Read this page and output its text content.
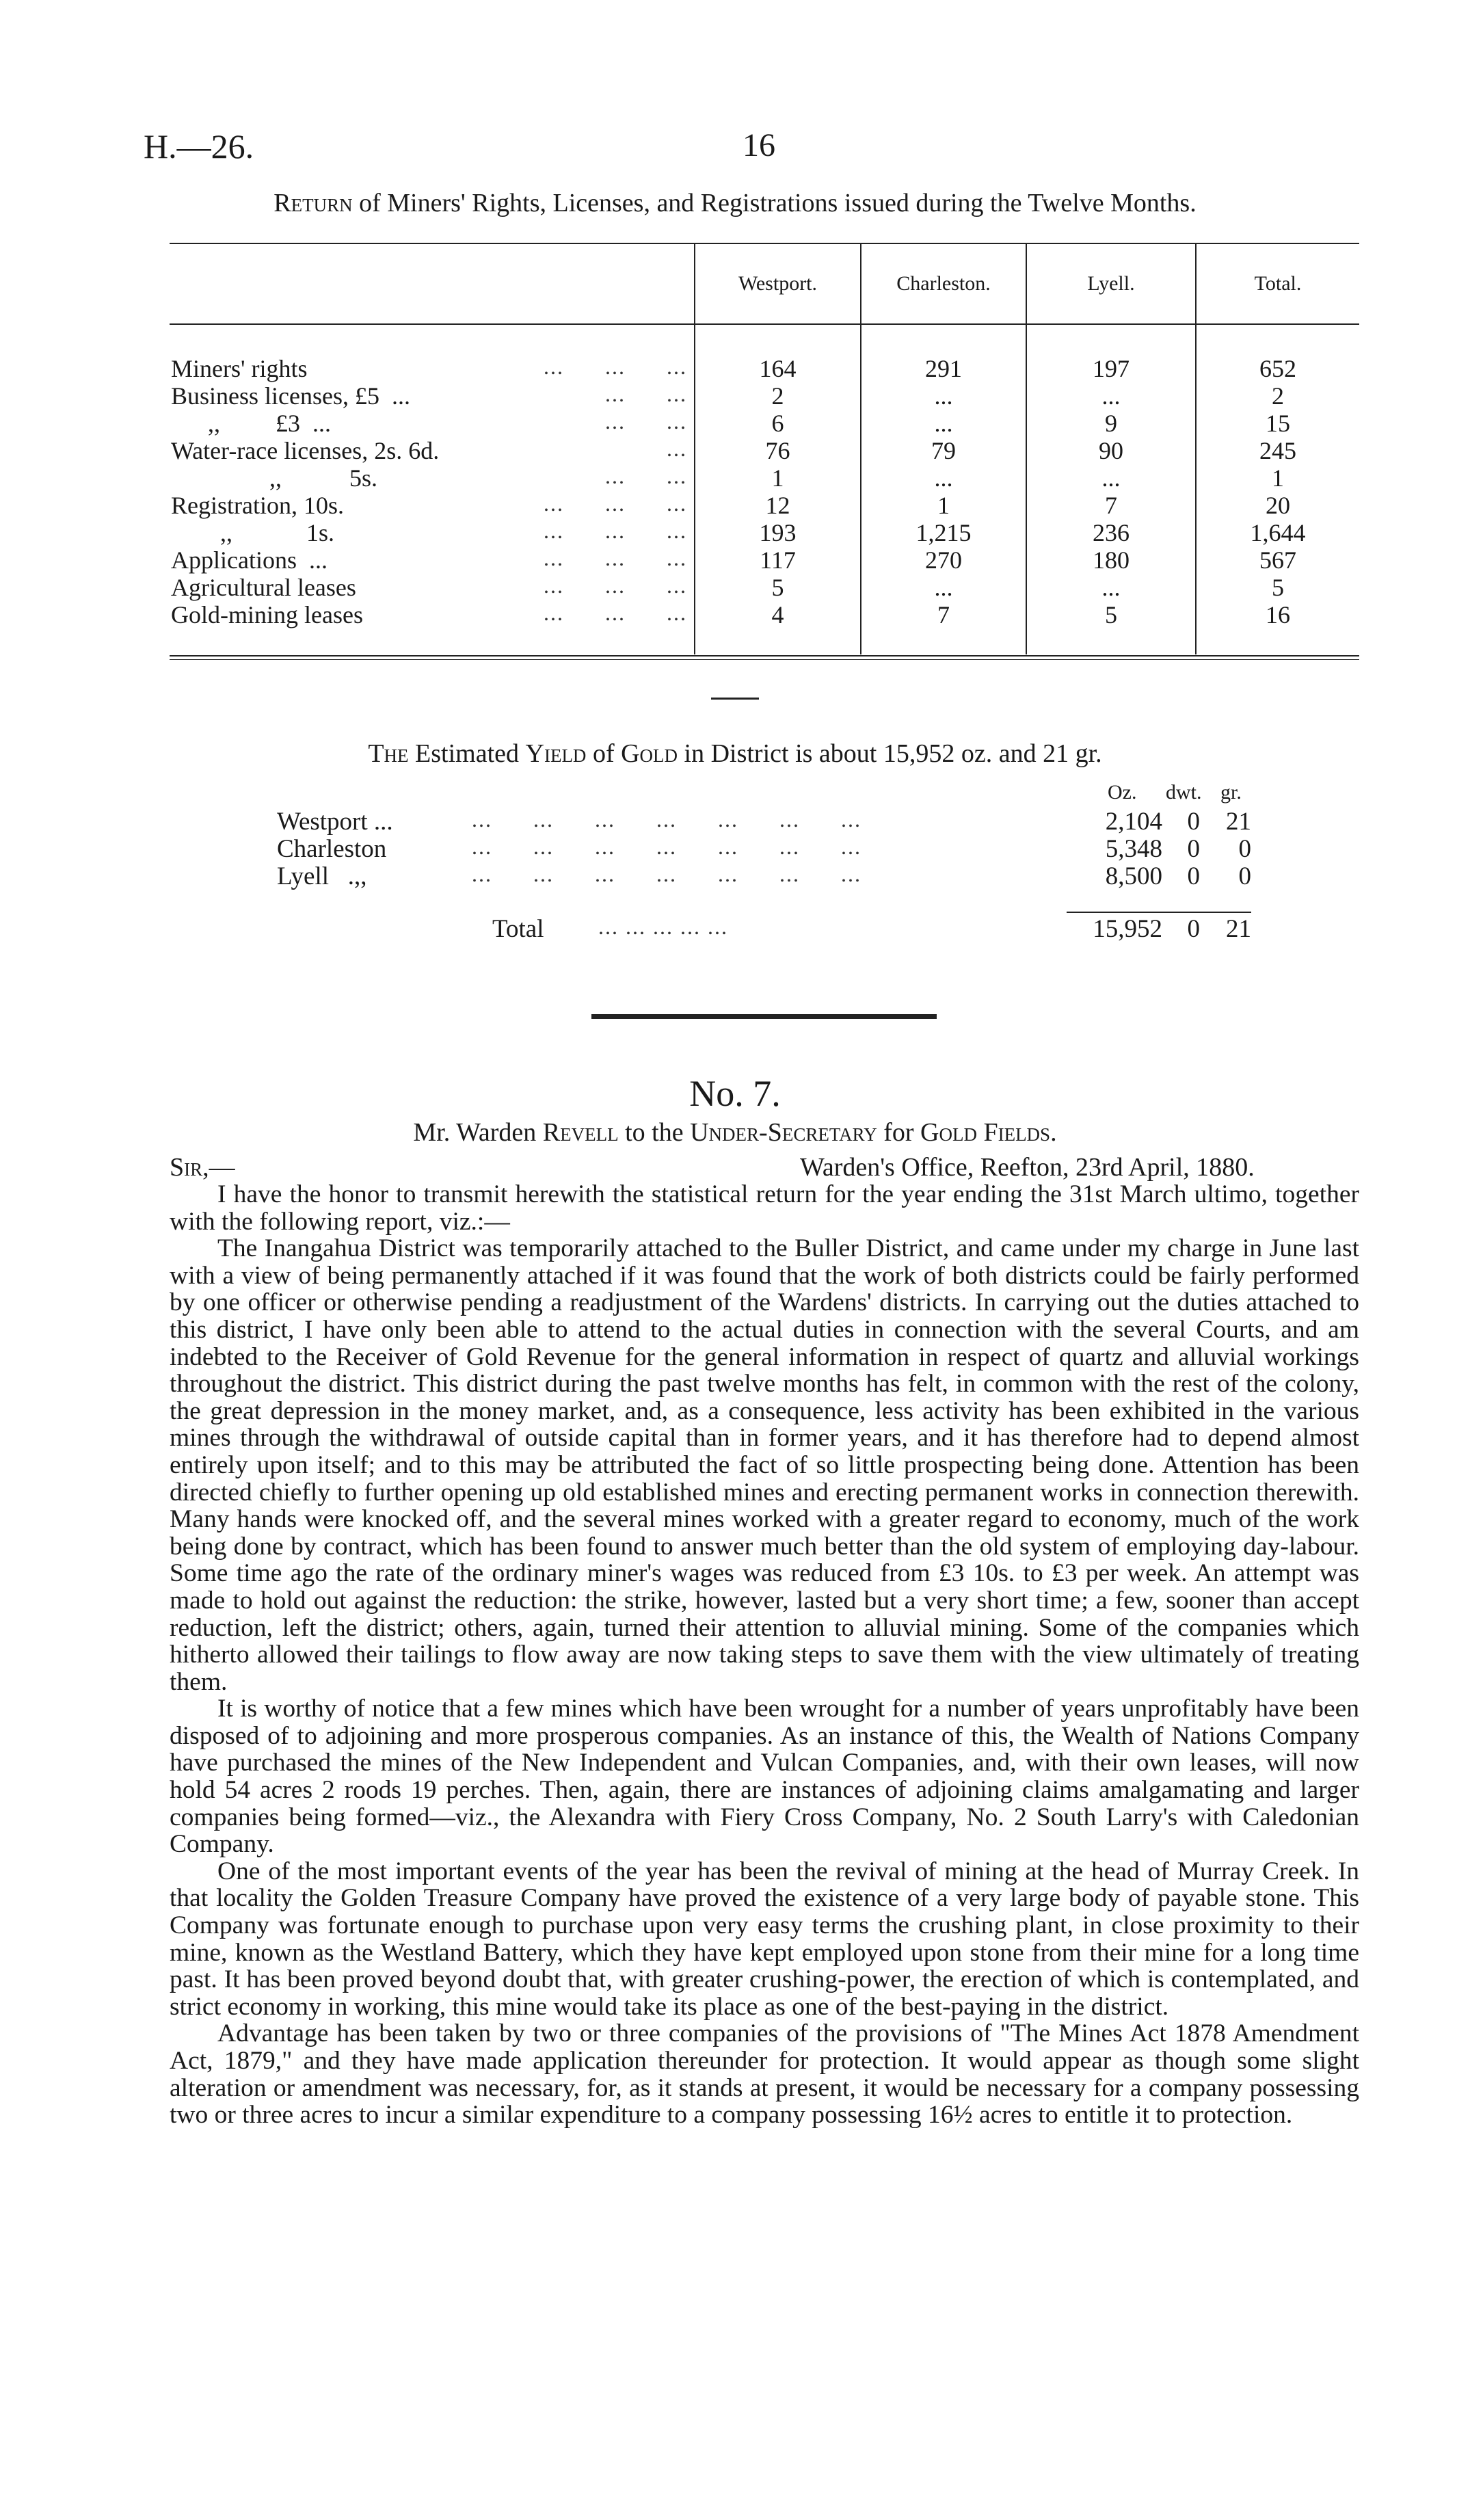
H.—26.	16
Return of Miners' Rights, Licenses, and Registrations issued during the Twelve Months.
Westport.	Charleston.	Lyell.	Total.
Miners' rights	...      ...      ...	164	291	197	652
Business licenses, £5  ...	...      ...	2	...	...	2
,,         £3  ...	...      ...	6	...	9	15
Water-race licenses, 2s. 6d.	...	76	79	90	245
,,           5s.	...      ...	1	...	...	1
Registration, 10s.	...      ...      ...	12	1	7	20
,,            1s.	...      ...      ...	193	1,215	236	1,644
Applications  ...	...      ...      ...	117	270	180	567
Agricultural leases	...      ...      ...	5	...	...	5
Gold-mining leases	...      ...      ...	4	7	5	16
The Estimated Yield of Gold in District is about 15,952 oz. and 21 gr.
Oz. dwt. gr.
Westport ...	...      ...      ...      ...      ...      ...      ...	2,104 0	21
Charleston	...      ...      ...      ...      ...      ...      ...	5,348 0	0
Lyell   .,,	...      ...      ...      ...      ...      ...      ...	8,500 0	0
Total ... ... ... ... ...	15,952 0	21
No. 7.
Mr. Warden Revell to the Under-Secretary for Gold Fields.
Sir,—	Warden's Office, Reefton, 23rd April, 1880.

I have the honor to transmit herewith the statistical return for the year ending the 31st March ultimo, together with the following report, viz.:—

The Inangahua District was temporarily attached to the Buller District, and came under my charge in June last with a view of being permanently attached if it was found that the work of both districts could be fairly performed by one officer or otherwise pending a readjustment of the Wardens' districts. In carrying out the duties attached to this district, I have only been able to attend to the actual duties in connection with the several Courts, and am indebted to the Receiver of Gold Revenue for the general information in respect of quartz and alluvial workings throughout the district. This district during the past twelve months has felt, in common with the rest of the colony, the great depression in the money market, and, as a consequence, less activity has been exhibited in the various mines through the withdrawal of outside capital than in former years, and it has therefore had to depend almost entirely upon itself; and to this may be attributed the fact of so little prospecting being done. Attention has been directed chiefly to further opening up old established mines and erecting permanent works in connection therewith. Many hands were knocked off, and the several mines worked with a greater regard to economy, much of the work being done by contract, which has been found to answer much better than the old system of employing day-labour. Some time ago the rate of the ordinary miner's wages was reduced from £3 10s. to £3 per week. An attempt was made to hold out against the reduction: the strike, however, lasted but a very short time; a few, sooner than accept reduction, left the district; others, again, turned their attention to alluvial mining. Some of the companies which hitherto allowed their tailings to flow away are now taking steps to save them with the view ultimately of treating them.

It is worthy of notice that a few mines which have been wrought for a number of years unprofitably have been disposed of to adjoining and more prosperous companies. As an instance of this, the Wealth of Nations Company have purchased the mines of the New Independent and Vulcan Companies, and, with their own leases, will now hold 54 acres 2 roods 19 perches. Then, again, there are instances of adjoining claims amalgamating and larger companies being formed—viz., the Alexandra with Fiery Cross Company, No. 2 South Larry's with Caledonian Company.

One of the most important events of the year has been the revival of mining at the head of Murray Creek. In that locality the Golden Treasure Company have proved the existence of a very large body of payable stone. This Company was fortunate enough to purchase upon very easy terms the crushing plant, in close proximity to their mine, known as the Westland Battery, which they have kept employed upon stone from their mine for a long time past. It has been proved beyond doubt that, with greater crushing-power, the erection of which is contemplated, and strict economy in working, this mine would take its place as one of the best-paying in the district.

Advantage has been taken by two or three companies of the provisions of "The Mines Act 1878 Amendment Act, 1879," and they have made application thereunder for protection. It would appear as though some slight alteration or amendment was necessary, for, as it stands at present, it would be necessary for a company possessing two or three acres to incur a similar expenditure to a company possessing 16½ acres to entitle it to protection.
